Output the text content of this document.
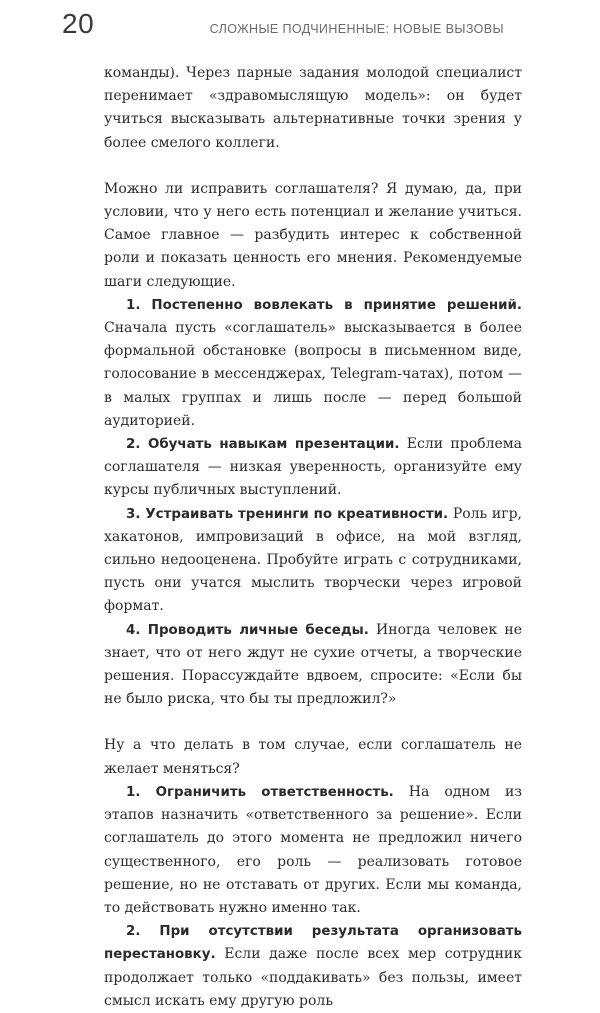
20	СЛОЖНЫЕ ПОДЧИНЕННЫЕ: НОВЫЕ ВЫЗОВЫ

команды). Через парные задания молодой специалист перенимает «здравомыслящую модель»: он будет учиться высказывать альтернативные точки зрения у более смелого коллеги.

Можно ли исправить соглашателя? Я думаю, да, при условии, что у него есть потенциал и желание учиться. Самое главное — разбудить интерес к собственной роли и показать ценность его мнения. Рекомендуемые шаги следующие.

1. Постепенно вовлекать в принятие решений. Сначала пусть «соглашатель» высказывается в более формальной обстановке (вопросы в письменном виде, голосование в мессенджерах, Telegram-чатах), потом — в малых группах и лишь после — перед большой аудиторией.

2. Обучать навыкам презентации. Если проблема соглашателя — низкая уверенность, организуйте ему курсы публичных выступлений.

3. Устраивать тренинги по креативности. Роль игр, хакатонов, импровизаций в офисе, на мой взгляд, сильно недооценена. Пробуйте играть с сотрудниками, пусть они учатся мыслить творчески через игровой формат.

4. Проводить личные беседы. Иногда человек не знает, что от него ждут не сухие отчеты, а творческие решения. Порассуждайте вдвоем, спросите: «Если бы не было риска, что бы ты предложил?»

Ну а что делать в том случае, если соглашатель не желает меняться?

1. Ограничить ответственность. На одном из этапов назначить «ответственного за решение». Если соглашатель до этого момента не предложил ничего существенного, его роль — реализовать готовое решение, но не отставать от других. Если мы команда, то действовать нужно именно так.

2. При отсутствии результата организовать перестановку. Если даже после всех мер сотрудник продолжает только «поддакивать» без пользы, имеет смысл искать ему другую роль
